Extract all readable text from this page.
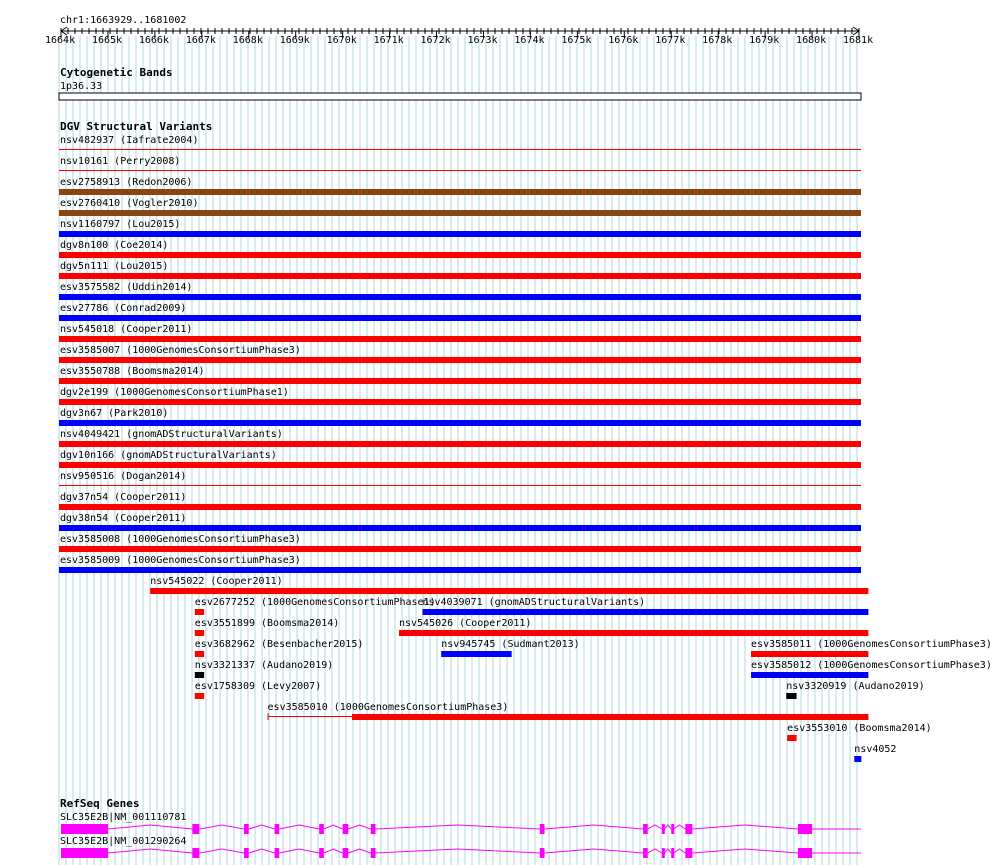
chr1:1663929..1681002
1664k 1665k 1666k 1667k 1668k 1669k 1670k 1671k 1672k 1673k 1674k 1675k 1676k 1677k 1678k 1679k 1680k 1681k
Cytogenetic Bands
1p36.33
DGV Structural Variants
nsv482937 (Iafrate2004)
nsv10161 (Perry2008)
esv2758913 (Redon2006)
esv2760410 (Vogler2010)
nsv1160797 (Lou2015)
dgv8n100 (Coe2014)
dgv5n111 (Lou2015)
esv3575582 (Uddin2014)
esv27786 (Conrad2009)
nsv545018 (Cooper2011)
esv3585007 (1000GenomesConsortiumPhase3)
esv3550788 (Boomsma2014)
dgv2e199 (1000GenomesConsortiumPhase1)
dgv3n67 (Park2010)
nsv4049421 (gnomADStructuralVariants)
dgv10n166 (gnomADStructuralVariants)
nsv950516 (Dogan2014)
dgv37n54 (Cooper2011)
dgv38n54 (Cooper2011)
esv3585008 (1000GenomesConsortiumPhase3)
esv3585009 (1000GenomesConsortiumPhase3)
nsv545022 (Cooper2011)
esv2677252 (1000GenomesConsortiumPhase1)
nsv4039071 (gnomADStructuralVariants)
esv3551899 (Boomsma2014)	nsv545026 (Cooper2011)
esv3682962 (Besenbacher2015)	nsv945745 (Sudmant2013)	esv3585011 (1000GenomesConsortiumPhase3)
nsv3321337 (Audano2019)	esv3585012 (1000GenomesConsortiumPhase3)
esv1758309 (Levy2007)	nsv3320919 (Audano2019)
esv3585010 (1000GenomesConsortiumPhase3)
esv3553010 (Boomsma2014)
nsv4052
RefSeq Genes
SLC35E2B|NM_001110781
SLC35E2B|NM_001290264
